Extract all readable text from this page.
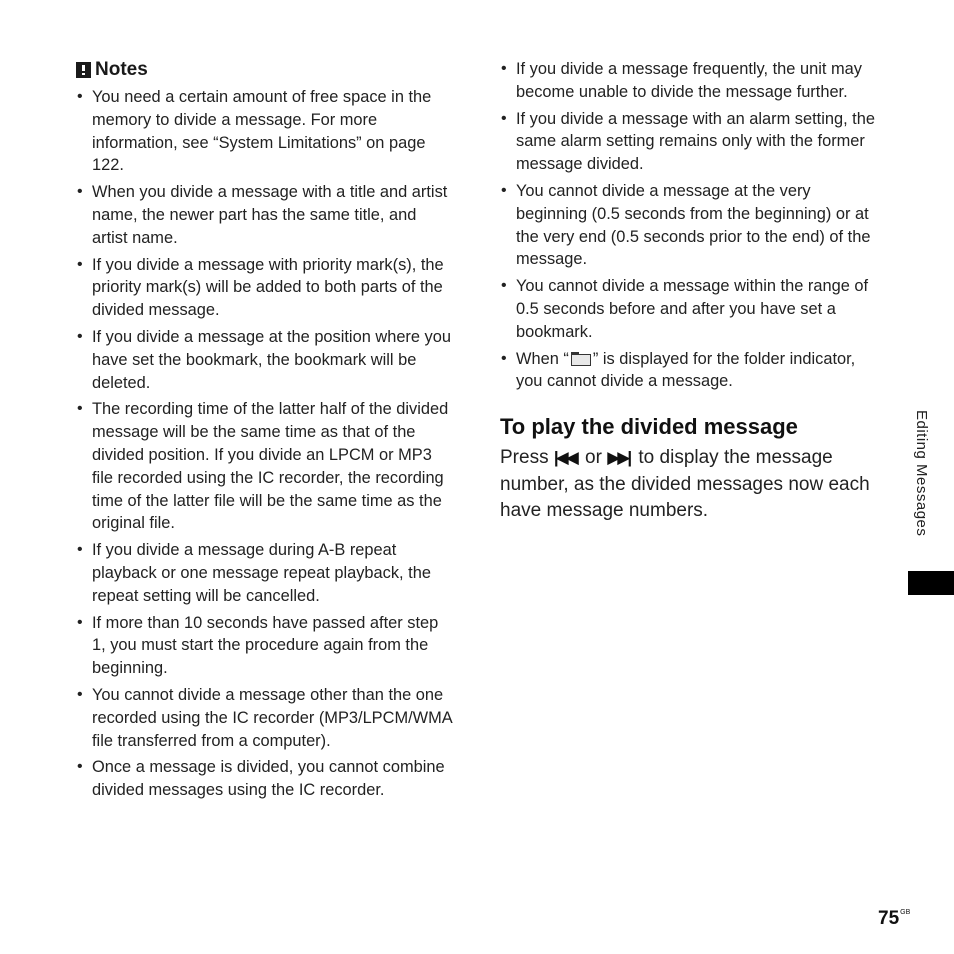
Notes
• You need a certain amount of free space in the memory to divide a message. For more information, see “System Limitations” on page 122.
• When you divide a message with a title and artist name, the newer part has the same title, and artist name.
• If you divide a message with priority mark(s), the priority mark(s) will be added to both parts of the divided message.
• If you divide a message at the position where you have set the bookmark, the bookmark will be deleted.
• The recording time of the latter half of the divided message will be the same time as that of the divided position. If you divide an LPCM or MP3 file recorded using the IC recorder, the recording time of the latter file will be the same time as the original file.
• If you divide a message during A-B repeat playback or one message repeat playback, the repeat setting will be cancelled.
• If more than 10 seconds have passed after step 1, you must start the procedure again from the beginning.
• You cannot divide a message other than the one recorded using the IC recorder (MP3/LPCM/WMA file transferred from a computer).
• Once a message is divided, you cannot combine divided messages using the IC recorder.
• If you divide a message frequently, the unit may become unable to divide the message further.
• If you divide a message with an alarm setting, the same alarm setting remains only with the former message divided.
• You cannot divide a message at the very beginning (0.5 seconds from the beginning) or at the very end (0.5 seconds prior to the end) of the message.
• You cannot divide a message within the range of 0.5 seconds before and after you have set a bookmark.
• When “ ” is displayed for the folder indicator, you cannot divide a message.
To play the divided message

Press |◀◀ or ▶▶| to display the message number, as the divided messages now each have message numbers.	Editing Messages
$75^{GB}$
